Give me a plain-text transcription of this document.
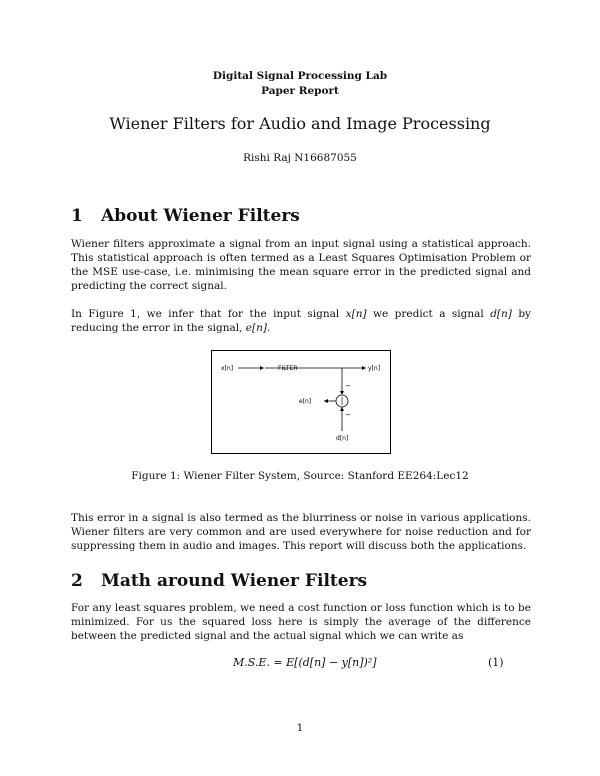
Digital Signal Processing Lab
Paper Report
Wiener Filters for Audio and Image Processing
Rishi Raj N16687055
1 About Wiener Filters
Wiener filters approximate a signal from an input signal using a statistical approach. This statistical approach is often termed as a Least Squares Optimisation Problem or the MSE use-case, i.e. minimising the mean square error in the predicted signal and predicting the correct signal.
In Figure 1, we infer that for the input signal x[n] we predict a signal d[n] by reducing the error in the signal, e[n].
x[n]	FILTER	y[n]
−
e[n]
−
d[n]
Figure 1: Wiener Filter System, Source: Stanford EE264:Lec12
This error in a signal is also termed as the blurriness or noise in various applications. Wiener filters are very common and are used everywhere for noise reduction and for suppressing them in audio and images. This report will discuss both the applications.
2 Math around Wiener Filters
For any least squares problem, we need a cost function or loss function which is to be minimized. For us the squared loss here is simply the average of the difference between the predicted signal and the actual signal which we can write as
M.S.E. = E[(d[n] − y[n])²]	(1)
1
